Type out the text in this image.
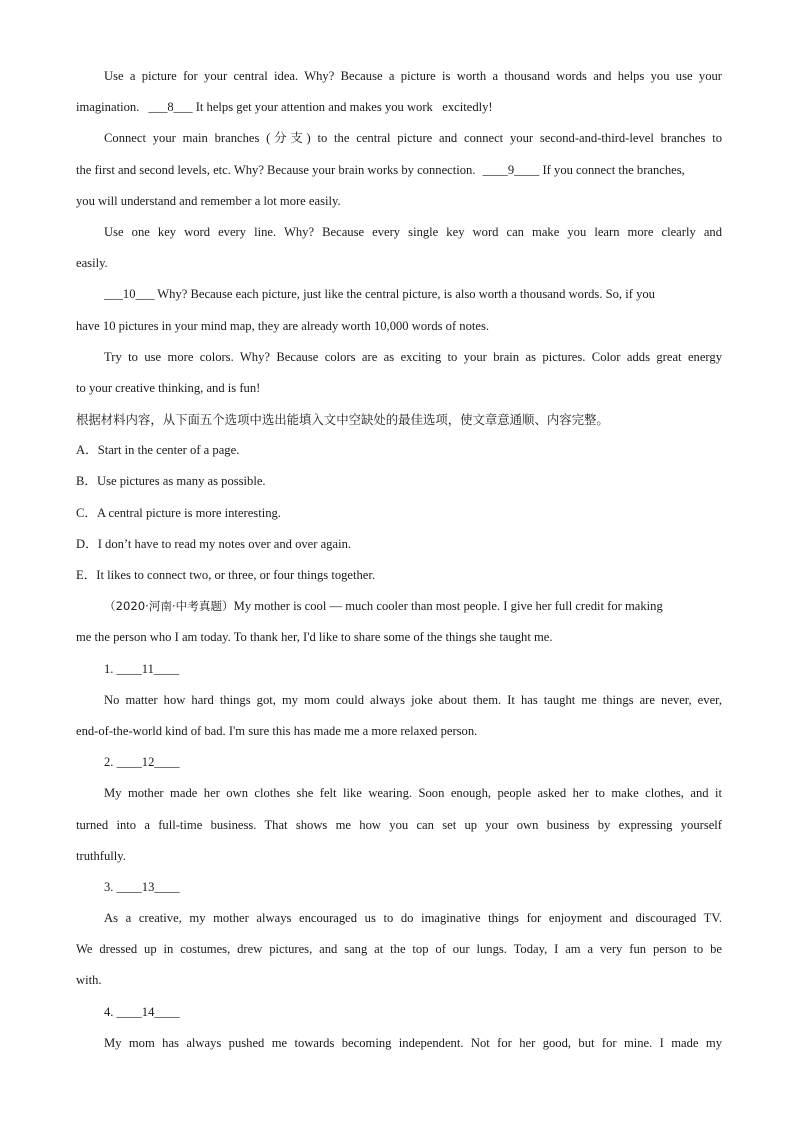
Use a picture for your central idea. Why? Because a picture is worth a thousand words and helps you use your
imagination. ___8___ It helps get your attention and makes you work   excitedly!
Connect your main branches (分支) to the central picture and connect your second-and-third-level branches to
the first and second levels, etc. Why? Because your brain works by connection. ____9____ If you connect the branches,
you will understand and remember a lot more easily.
Use one key word every line. Why? Because every single key word can make you learn more clearly and
easily.
___10___ Why? Because each picture, just like the central picture, is also worth a thousand words. So, if you
have 10 pictures in your mind map, they are already worth 10,000 words of notes.
Try to use more colors. Why? Because colors are as exciting to your brain as pictures. Color adds great energy
to your creative thinking, and is fun!
根据材料内容，从下面五个选项中选出能填入文中空缺处的最佳选项，使文章意通顺、内容完整。
A．Start in the center of a page.
B．Use pictures as many as possible.
C．A central picture is more interesting.
D．I don’t have to read my notes over and over again.
E．It likes to connect two, or three, or four things together.
（2020·河南·中考真题）My mother is cool — much cooler than most people. I give her full credit for making
me the person who I am today. To thank her, I'd like to share some of the things she taught me.
1. ____11____
No matter how hard things got, my mom could always joke about them. It has taught me things are never, ever,
end-of-the-world kind of bad. I'm sure this has made me a more relaxed person.
2. ____12____
My mother made her own clothes she felt like wearing. Soon enough, people asked her to make clothes, and it
turned into a full-time business. That shows me how you can set up your own business by expressing yourself
truthfully.
3. ____13____
As a creative, my mother always encouraged us to do imaginative things for enjoyment and discouraged TV.
We dressed up in costumes, drew pictures, and sang at the top of our lungs. Today, I am a very fun person to be
with.
4. ____14____
My mom has always pushed me towards becoming independent. Not for her good, but for mine. I made my
